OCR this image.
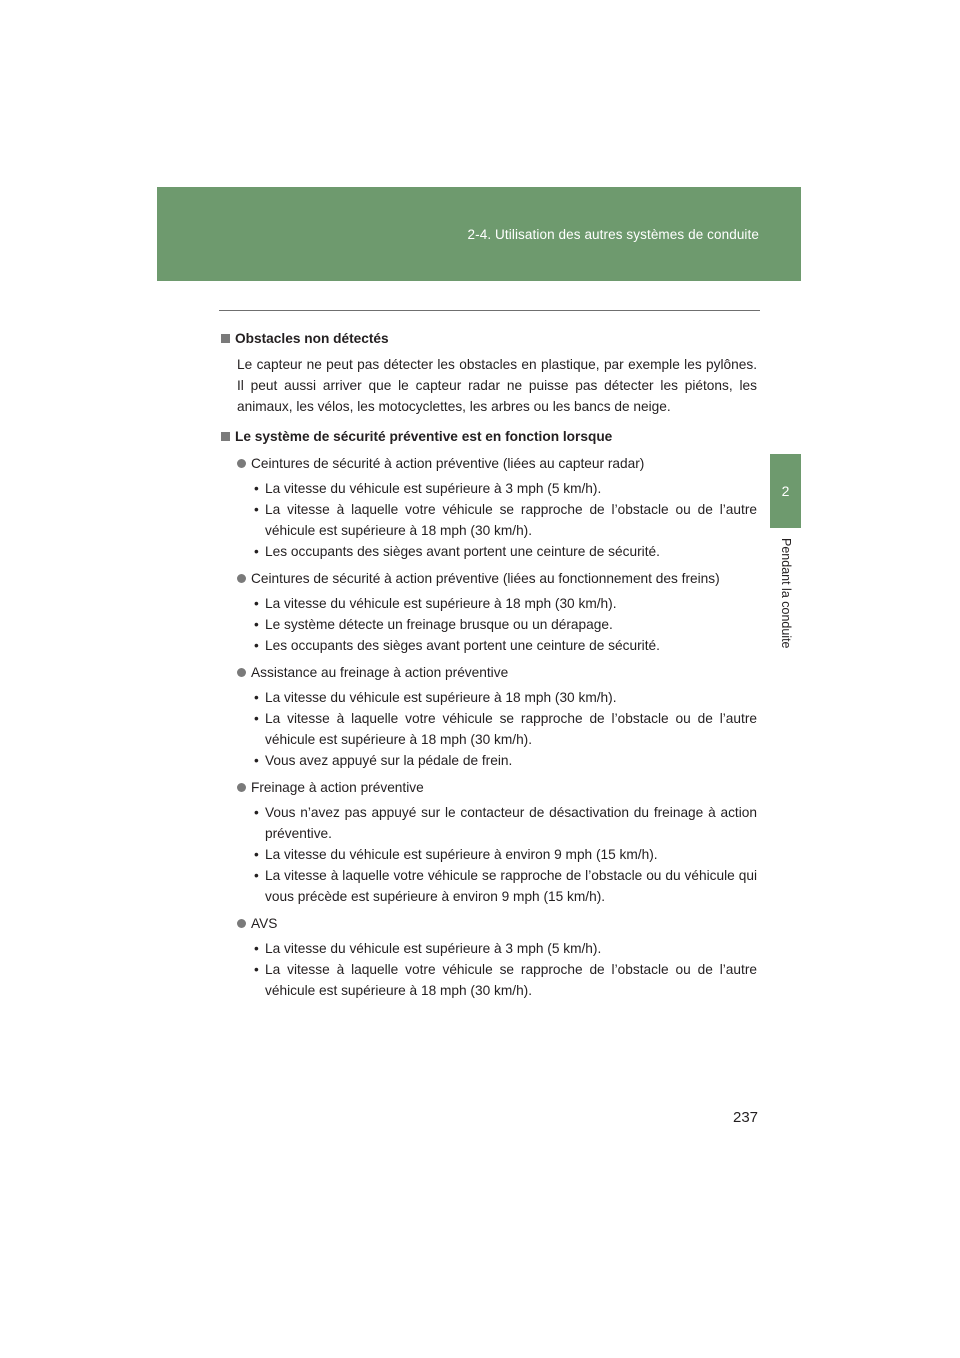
2-4. Utilisation des autres systèmes de conduite
2
Pendant la conduite
Obstacles non détectés

Le capteur ne peut pas détecter les obstacles en plastique, par exemple les pylônes. Il peut aussi arriver que le capteur radar ne puisse pas détecter les piétons, les animaux, les vélos, les motocyclettes, les arbres ou les bancs de neige.

Le système de sécurité préventive est en fonction lorsque
Ceintures de sécurité à action préventive (liées au capteur radar)
• La vitesse du véhicule est supérieure à 3 mph (5 km/h).
• La vitesse à laquelle votre véhicule se rapproche de l’obstacle ou de l’autre véhicule est supérieure à 18 mph (30 km/h).
• Les occupants des sièges avant portent une ceinture de sécurité.
Ceintures de sécurité à action préventive (liées au fonctionnement des freins)
• La vitesse du véhicule est supérieure à 18 mph (30 km/h).
• Le système détecte un freinage brusque ou un dérapage.
• Les occupants des sièges avant portent une ceinture de sécurité.
Assistance au freinage à action préventive
• La vitesse du véhicule est supérieure à 18 mph (30 km/h).
• La vitesse à laquelle votre véhicule se rapproche de l’obstacle ou de l’autre véhicule est supérieure à 18 mph (30 km/h).
• Vous avez appuyé sur la pédale de frein.
Freinage à action préventive
• Vous n’avez pas appuyé sur le contacteur de désactivation du freinage à action préventive.
• La vitesse du véhicule est supérieure à environ 9 mph (15 km/h).
• La vitesse à laquelle votre véhicule se rapproche de l’obstacle ou du véhicule qui vous précède est supérieure à environ 9 mph (15 km/h).
AVS
• La vitesse du véhicule est supérieure à 3 mph (5 km/h).
• La vitesse à laquelle votre véhicule se rapproche de l’obstacle ou de l’autre véhicule est supérieure à 18 mph (30 km/h).
237
